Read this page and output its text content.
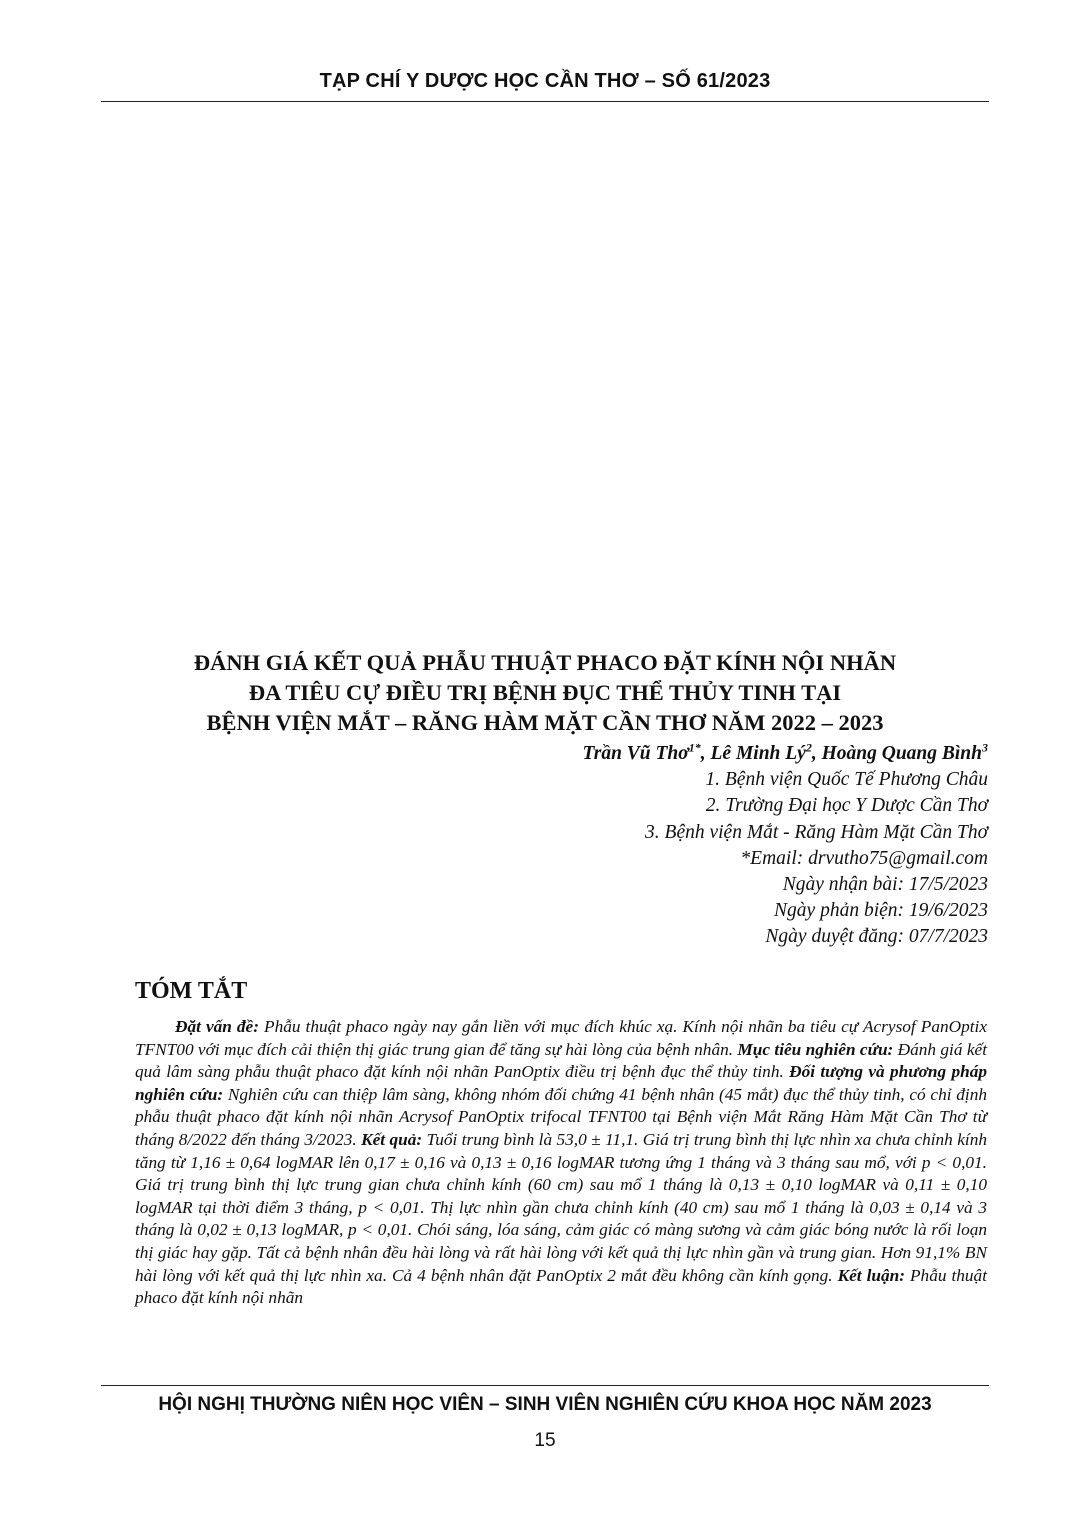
TẠP CHÍ Y DƯỢC HỌC CẦN THƠ – SỐ 61/2023
ĐÁNH GIÁ KẾT QUẢ PHẪU THUẬT PHACO ĐẶT KÍNH NỘI NHÃN
ĐA TIÊU CỰ ĐIỀU TRỊ BỆNH ĐỤC THỂ THỦY TINH TẠI
BỆNH VIỆN MẮT – RĂNG HÀM MẶT CẦN THƠ NĂM 2022 – 2023
Trần Vũ Thơ$^{1*}$, Lê Minh $Lý^2$, Hoàng Quang Bình$^3$
1. Bệnh viện Quốc Tế Phương Châu
2. Trường Đại học Y Dược Cần Thơ
3. Bệnh viện Mắt - Răng Hàm Mặt Cần Thơ
*Email: drvutho75@gmail.com
Ngày nhận bài: 17/5/2023
Ngày phản biện: 19/6/2023
Ngày duyệt đăng: 07/7/2023
TÓM TẮT
Đặt vấn đề: Phẫu thuật phaco ngày nay gắn liền với mục đích khúc xạ. Kính nội nhãn ba tiêu cự Acrysof PanOptix TFNT00 với mục đích cải thiện thị giác trung gian để tăng sự hài lòng của bệnh nhân. Mục tiêu nghiên cứu: Đánh giá kết quả lâm sàng phẫu thuật phaco đặt kính nội nhãn PanOptix điều trị bệnh đục thể thủy tinh. Đối tượng và phương pháp nghiên cứu: Nghiên cứu can thiệp lâm sàng, không nhóm đối chứng 41 bệnh nhân (45 mắt) đục thể thủy tinh, có chỉ định phẫu thuật phaco đặt kính nội nhãn Acrysof PanOptix trifocal TFNT00 tại Bệnh viện Mắt Răng Hàm Mặt Cần Thơ từ tháng 8/2022 đến tháng 3/2023. Kết quả: Tuổi trung bình là 53,0 ± 11,1. Giá trị trung bình thị lực nhìn xa chưa chỉnh kính tăng từ 1,16 ± 0,64 logMAR lên 0,17 ± 0,16 và 0,13 ± 0,16 logMAR tương ứng 1 tháng và 3 tháng sau mổ, với p < 0,01. Giá trị trung bình thị lực trung gian chưa chỉnh kính (60 cm) sau mổ 1 tháng là 0,13 ± 0,10 logMAR và 0,11 ± 0,10 logMAR tại thời điểm 3 tháng, p < 0,01. Thị lực nhìn gần chưa chỉnh kính (40 cm) sau mổ 1 tháng là 0,03 ± 0,14 và 3 tháng là 0,02 ± 0,13 logMAR, p < 0,01. Chói sáng, lóa sáng, cảm giác có màng sương và cảm giác bóng nước là rối loạn thị giác hay gặp. Tất cả bệnh nhân đều hài lòng và rất hài lòng với kết quả thị lực nhìn gần và trung gian. Hơn 91,1% BN hài lòng với kết quả thị lực nhìn xa. Cả 4 bệnh nhân đặt PanOptix 2 mắt đều không cần kính gọng. Kết luận: Phẫu thuật phaco đặt kính nội nhãn
HỘI NGHỊ THƯỜNG NIÊN HỌC VIÊN – SINH VIÊN NGHIÊN CỨU KHOA HỌC NĂM 2023
15
